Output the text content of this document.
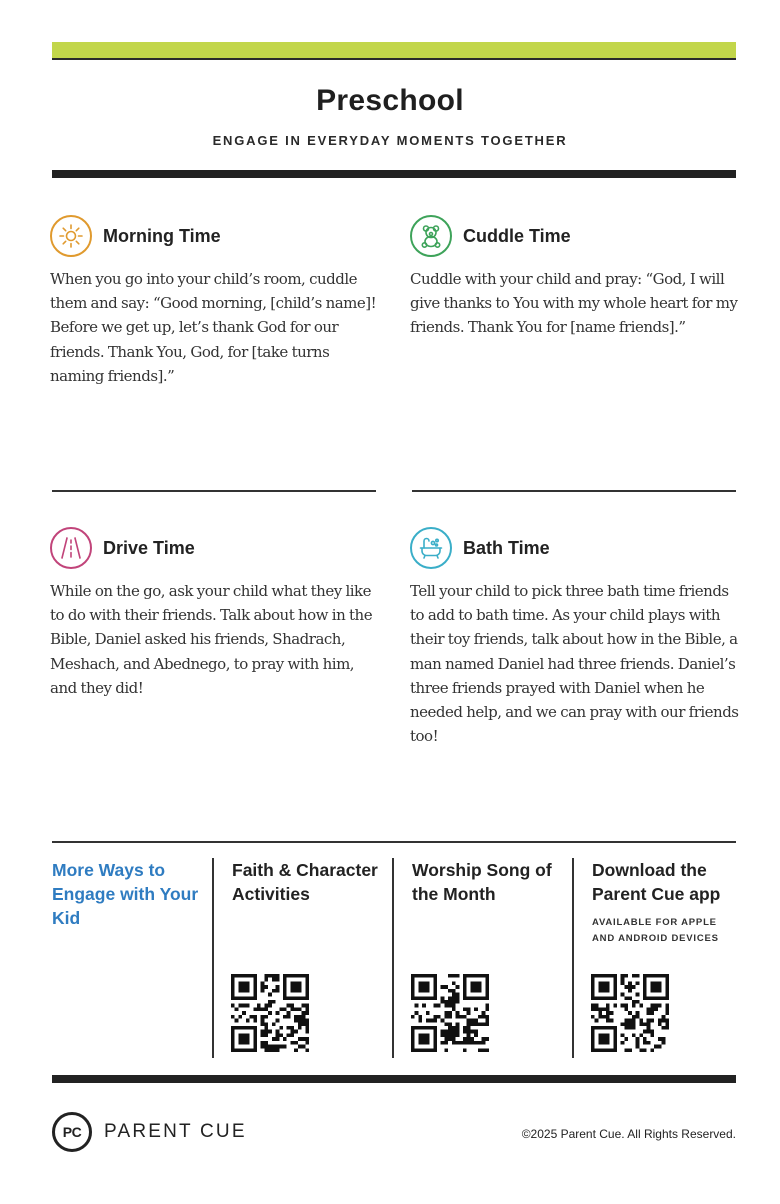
Preschool
ENGAGE IN EVERYDAY MOMENTS TOGETHER
Morning Time
When you go into your child’s room, cuddle them and say: “Good morning, [child’s name]! Before we get up, let’s thank God for our friends. Thank You, God, for [take turns naming friends].”
Cuddle Time
Cuddle with your child and pray: “God, I will give thanks to You with my whole heart for my friends. Thank You for [name friends].”
Drive Time
While on the go, ask your child what they like to do with their friends. Talk about how in the Bible, Daniel asked his friends, Shadrach, Meshach, and Abednego, to pray with him, and they did!
Bath Time
Tell your child to pick three bath time friends to add to bath time. As your child plays with their toy friends, talk about how in the Bible, a man named Daniel had three friends. Daniel’s three friends prayed with Daniel when he needed help, and we can pray with our friends too!
More Ways to Engage with Your Kid
Faith & Character Activities
Worship Song of the Month
Download the Parent Cue app
AVAILABLE FOR APPLE AND ANDROID DEVICES
PC PARENT CUE	©2025 Parent Cue. All Rights Reserved.
